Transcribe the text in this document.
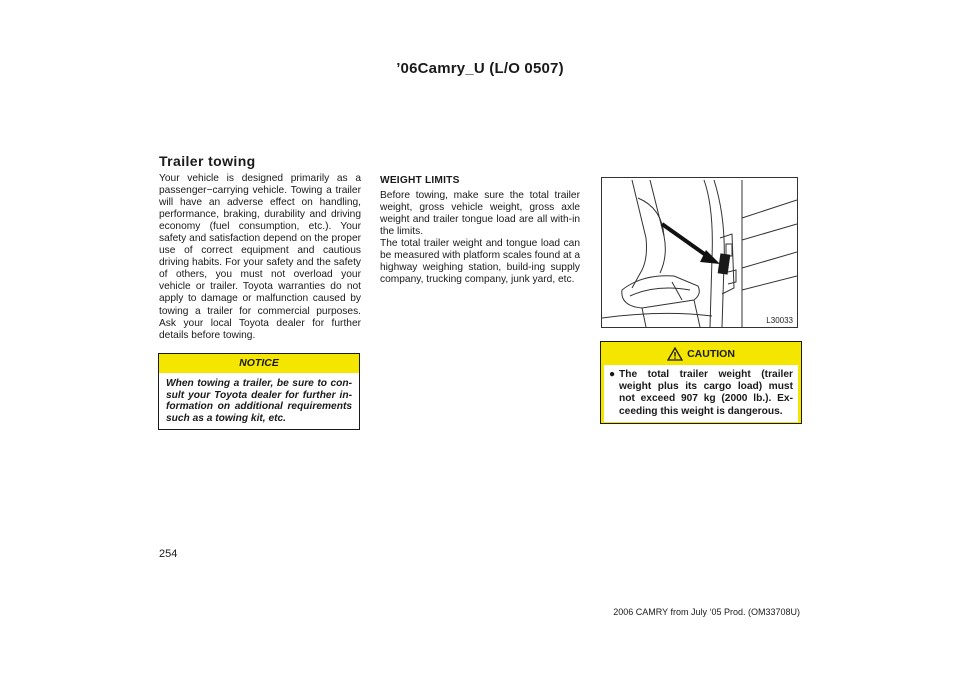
’06Camry_U (L/O 0507)
Trailer towing
Your vehicle is designed primarily as a passenger−carrying vehicle. Towing a trailer will have an adverse effect on handling, performance, braking, durability and driving economy (fuel consumption, etc.). Your safety and satisfaction depend on the proper use of correct equipment and cautious driving habits. For your safety and the safety of others, you must not overload your vehicle or trailer. Toyota warranties do not apply to damage or malfunction caused by towing a trailer for commercial purposes. Ask your local Toyota dealer for further details before towing.
NOTICE
When towing a trailer, be sure to con-sult your Toyota dealer for further in-formation on additional requirements such as a towing kit, etc.
WEIGHT LIMITS
Before towing, make sure the total trailer weight, gross vehicle weight, gross axle weight and trailer tongue load are all with-in the limits.
The total trailer weight and tongue load can be measured with platform scales found at a highway weighing station, build-ing supply company, trucking company, junk yard, etc.
L30033
CAUTION
● The total trailer weight (trailer weight plus its cargo load) must not exceed 907 kg (2000 lb.). Ex-ceeding this weight is dangerous.
254
2006 CAMRY from July ‘05 Prod. (OM33708U)
